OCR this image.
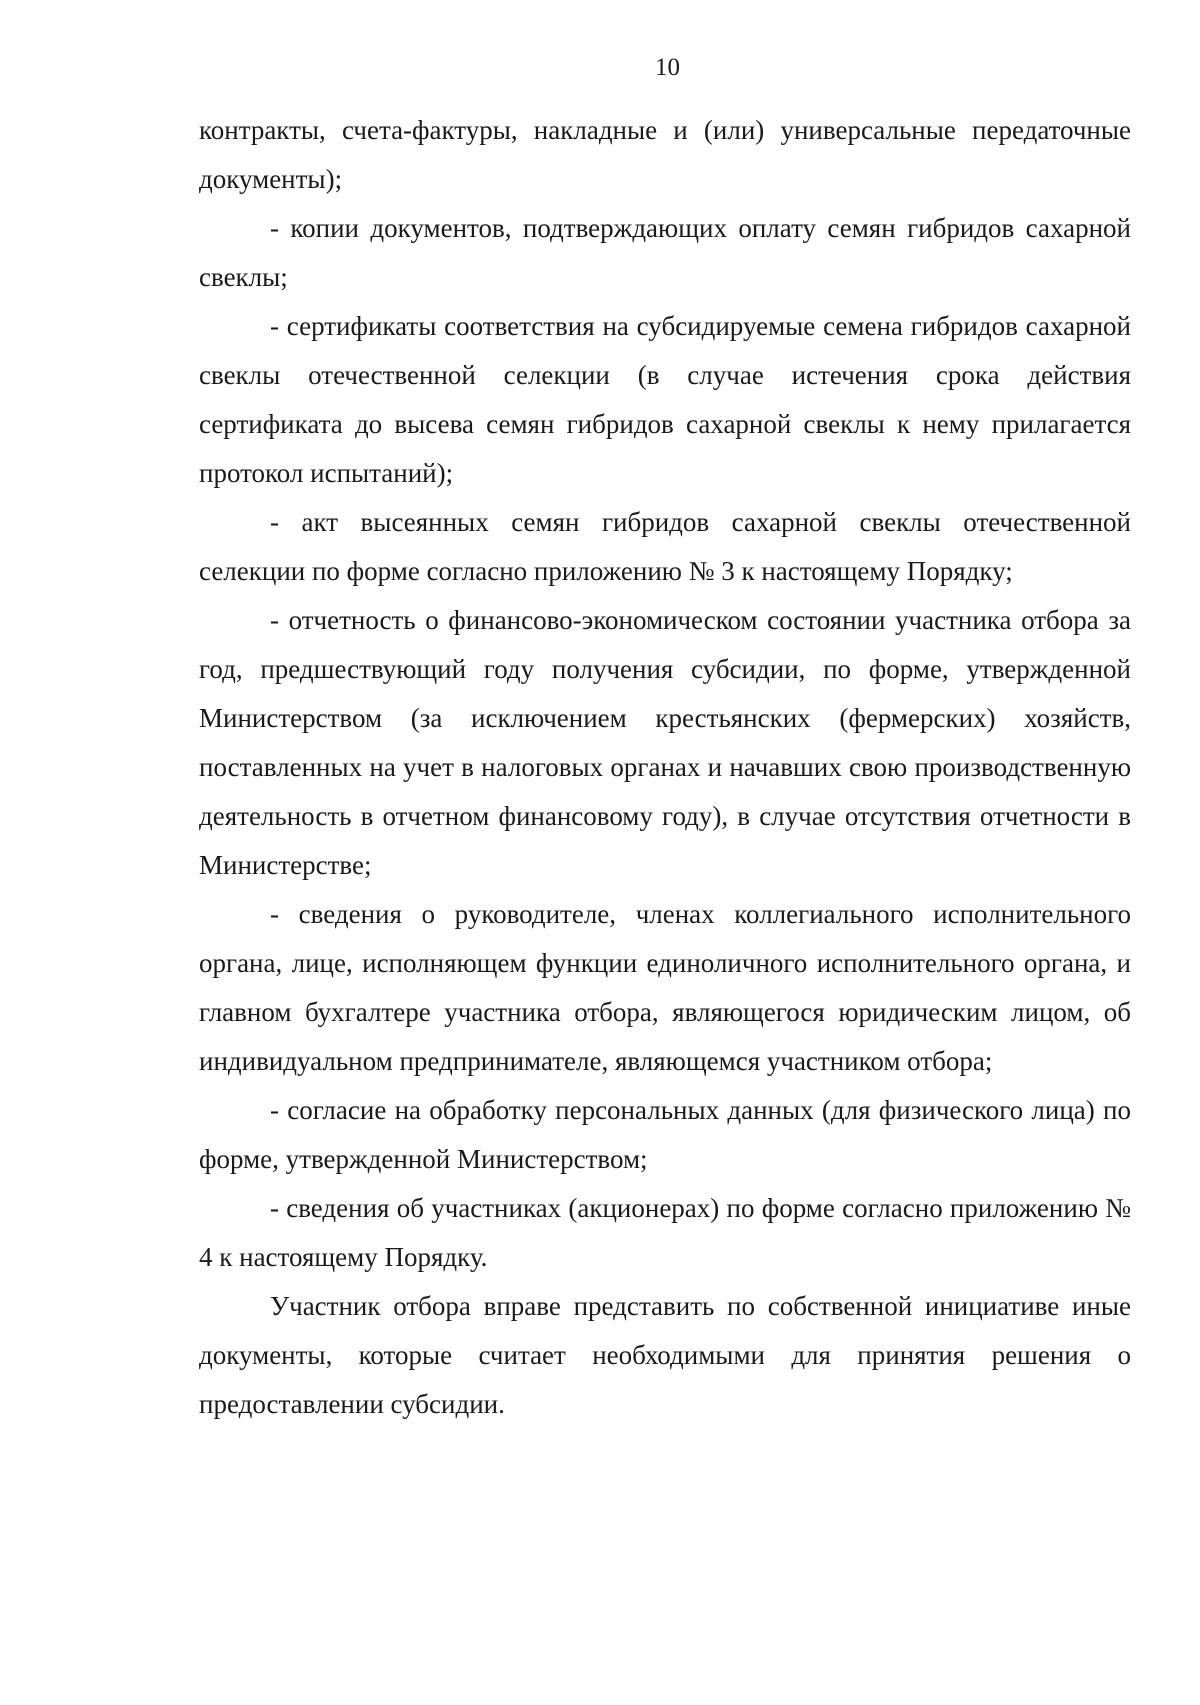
10

контракты, счета-фактуры, накладные и (или) универсальные передаточные документы);

- копии документов, подтверждающих оплату семян гибридов сахарной свеклы;

- сертификаты соответствия на субсидируемые семена гибридов сахарной свеклы отечественной селекции (в случае истечения срока действия сертификата до высева семян гибридов сахарной свеклы к нему прилагается протокол испытаний);

- акт высеянных семян гибридов сахарной свеклы отечественной селекции по форме согласно приложению № 3 к настоящему Порядку;

- отчетность о финансово-экономическом состоянии участника отбора за год, предшествующий году получения субсидии, по форме, утвержденной Министерством (за исключением крестьянских (фермерских) хозяйств, поставленных на учет в налоговых органах и начавших свою производственную деятельность в отчетном финансовому году), в случае отсутствия отчетности в Министерстве;

- сведения о руководителе, членах коллегиального исполнительного органа, лице, исполняющем функции единоличного исполнительного органа, и главном бухгалтере участника отбора, являющегося юридическим лицом, об индивидуальном предпринимателе, являющемся участником отбора;

- согласие на обработку персональных данных (для физического лица) по форме, утвержденной Министерством;

- сведения об участниках (акционерах) по форме согласно приложению № 4 к настоящему Порядку.

Участник отбора вправе представить по собственной инициативе иные документы, которые считает необходимыми для принятия решения о предоставлении субсидии.
